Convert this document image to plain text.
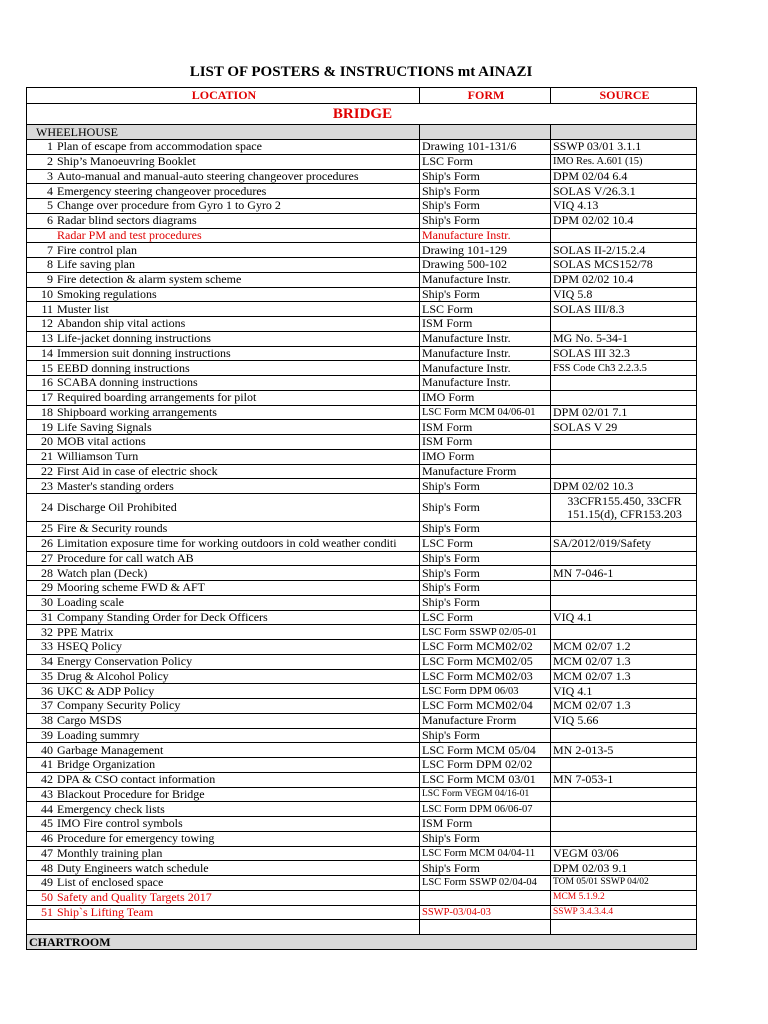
LIST OF POSTERS & INSTRUCTIONS mt AINAZI
LOCATION	FORM	SOURCE
BRIDGE		
WHEELHOUSE		
1 Plan of escape from accommodation space	Drawing 101-131/6	SSWP 03/01 3.1.1
2 Ship’s Manoeuvring Booklet	LSC Form	IMO Res. A.601 (15)
3 Auto-manual and manual-auto steering changeover procedures	Ship's Form	DPM 02/04 6.4
4 Emergency steering changeover procedures	Ship's Form	SOLAS V/26.3.1
5 Change over procedure from Gyro 1 to Gyro 2	Ship's Form	VIQ 4.13
6 Radar blind sectors diagrams	Ship's Form	DPM 02/02 10.4
Radar PM and test procedures	Manufacture Instr.	
7 Fire control plan	Drawing 101-129	SOLAS II-2/15.2.4
8 Life saving plan	Drawing 500-102	SOLAS MCS152/78
9 Fire detection & alarm system scheme	Manufacture Instr.	DPM 02/02 10.4
10 Smoking regulations	Ship's Form	VIQ 5.8
11 Muster list	LSC Form	SOLAS III/8.3
12 Abandon ship vital actions	ISM Form	
13 Life-jacket donning instructions	Manufacture Instr.	MG No. 5-34-1
14 Immersion suit donning instructions	Manufacture Instr.	SOLAS III 32.3
15 EEBD donning instructions	Manufacture Instr.	FSS Code Ch3 2.2.3.5
16 SCABA donning instructions	Manufacture Instr.	
17 Required boarding arrangements for pilot	IMO Form	
18 Shipboard working arrangements	LSC Form MCM 04/06-01	DPM 02/01 7.1
19 Life Saving Signals	ISM Form	SOLAS V 29
20 MOB vital actions	ISM Form	
21 Williamson Turn	IMO Form	
22 First Aid in case of electric shock	Manufacture Frorm	
23 Master's standing orders	Ship's Form	DPM 02/02 10.3
24 Discharge Oil Prohibited	Ship's Form	33CFR155.450, 33CFR 151.15(d), CFR153.203
25 Fire & Security rounds	Ship's Form	
26 Limitation exposure time for working outdoors in cold weather conditi	LSC Form	SA/2012/019/Safety
27 Procedure for call watch AB	Ship's Form	
28 Watch plan (Deck)	Ship's Form	MN 7-046-1
29 Mooring scheme FWD & AFT	Ship's Form	
30 Loading scale	Ship's Form	
31 Company Standing Order for Deck Officers	LSC Form	VIQ 4.1
32 PPE Matrix	LSC Form SSWP 02/05-01	
33 HSEQ Policy	LSC Form MCM02/02	MCM 02/07 1.2
34 Energy Conservation Policy	LSC Form MCM02/05	MCM 02/07 1.3
35 Drug & Alcohol Policy	LSC Form MCM02/03	MCM 02/07 1.3
36 UKC & ADP Policy	LSC Form DPM 06/03	VIQ 4.1
37 Company Security Policy	LSC Form MCM02/04	MCM 02/07 1.3
38 Cargo MSDS	Manufacture Frorm	VIQ 5.66
39 Loading summry	Ship's Form	
40 Garbage Management	LSC Form MCM 05/04	MN 2-013-5
41 Bridge Organization	LSC Form DPM 02/02	
42 DPA & CSO contact information	LSC Form MCM 03/01	MN 7-053-1
43 Blackout Procedure for Bridge	LSC Form VEGM 04/16-01	
44 Emergency check lists	LSC Form DPM 06/06-07	
45 IMO Fire control symbols	ISM Form	
46 Procedure for emergency towing	Ship's Form	
47 Monthly training plan	LSC Form MCM 04/04-11	VEGM 03/06
48 Duty Engineers watch schedule	Ship's Form	DPM 02/03 9.1
49 List of enclosed space	LSC Form SSWP 02/04-04	TOM 05/01 SSWP 04/02
50 Safety and Quality Targets 2017		MCM 5.1.9.2
51 Ship`s Lifting Team	SSWP-03/04-03	SSWP 3.4.3.4.4

CHARTROOM		
